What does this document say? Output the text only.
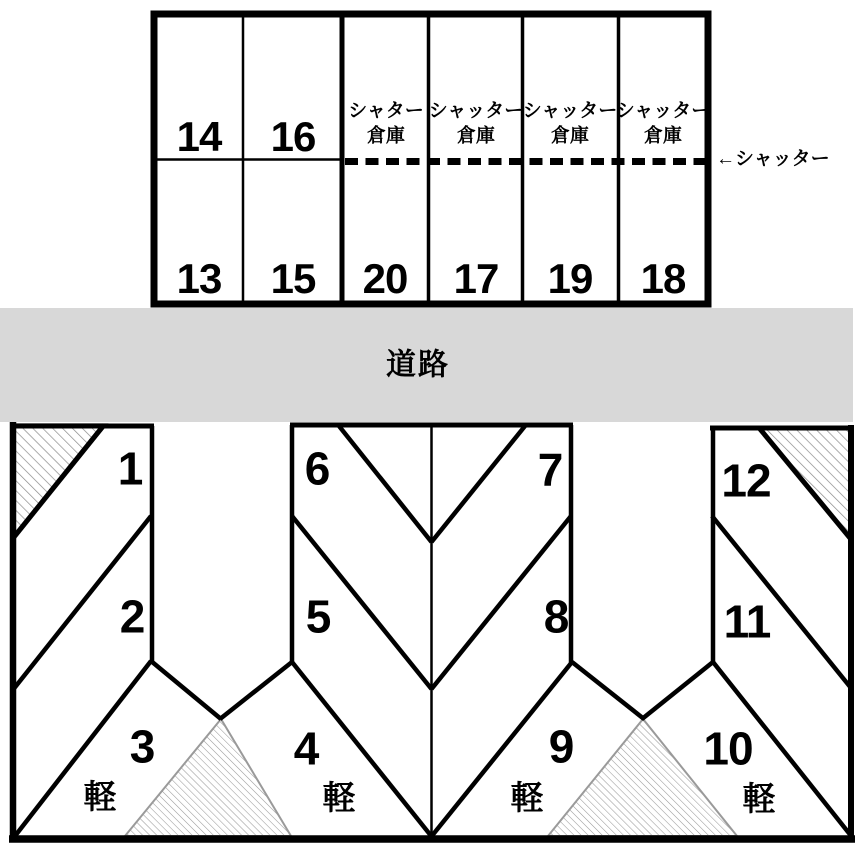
14 16
13 15 20 17 19 18
シャター
倉庫
シャッター
倉庫
シャッター
倉庫
シャッター
倉庫
←シャッター
道路
1
2
3	4
5
6	7
8
9	10
11
12
軽	軽	軽	軽
